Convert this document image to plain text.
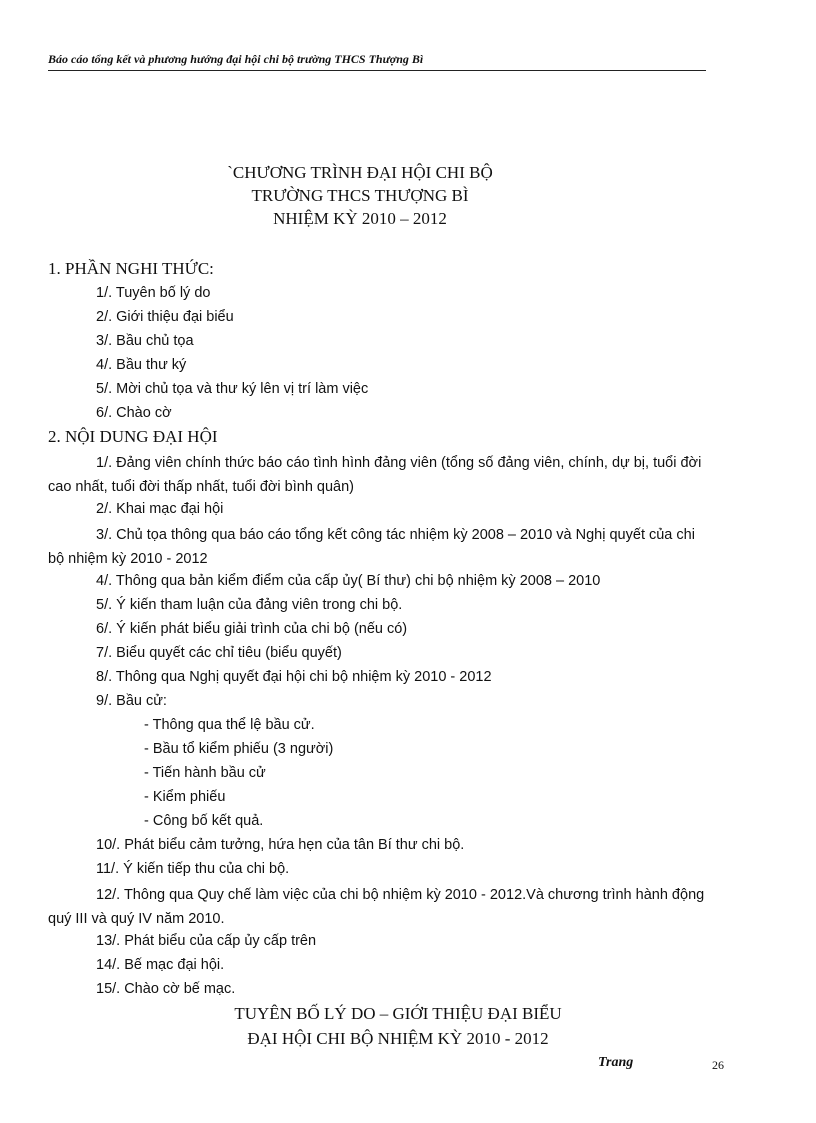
Báo cáo tổng kết và phương hướng đại hội chi bộ trường THCS Thượng Bì
`CHƯƠNG TRÌNH ĐẠI HỘI CHI BỘ
TRƯỜNG THCS THƯỢNG BÌ
NHIỆM KỲ 2010 – 2012
1. PHẦN NGHI THỨC:
1/. Tuyên bố lý do
2/. Giới thiệu đại biểu
3/. Bầu chủ tọa
4/. Bầu thư ký
5/. Mời chủ tọa và thư ký lên vị trí làm việc
6/. Chào cờ
2. NỘI DUNG ĐẠI HỘI
1/. Đảng viên chính thức báo cáo tình hình đảng viên (tổng số đảng viên, chính, dự bị, tuổi đời cao nhất, tuổi đời thấp nhất, tuổi đời bình quân)
2/. Khai mạc đại hội
3/. Chủ tọa thông qua báo cáo tổng kết công tác nhiệm kỳ 2008 – 2010 và Nghị quyết của chi bộ nhiệm kỳ 2010 - 2012
4/. Thông qua bản kiểm điểm của cấp ủy( Bí thư) chi bộ nhiệm kỳ 2008 – 2010
5/. Ý kiến tham luận của đảng viên trong chi bộ.
6/. Ý kiến phát biểu giải trình của chi bộ (nếu có)
7/. Biểu quyết các chỉ tiêu (biểu quyết)
8/. Thông qua Nghị quyết đại hội chi bộ nhiệm kỳ 2010 - 2012
9/. Bầu cử:
- Thông qua thể lệ bầu cử.
- Bầu tổ kiểm phiếu (3 người)
- Tiến hành bầu cử
- Kiểm phiếu
- Công bố kết quả.
10/. Phát biểu cảm tưởng, hứa hẹn của tân Bí thư chi bộ.
11/. Ý kiến tiếp thu của chi bộ.
12/. Thông qua Quy chế làm việc của chi bộ nhiệm kỳ 2010 - 2012.Và chương trình hành động quý III và quý IV năm 2010.
13/. Phát biểu của cấp ủy cấp trên
14/. Bế mạc đại hội.
15/. Chào cờ bế mạc.
TUYÊN BỐ LÝ DO – GIỚI THIỆU ĐẠI BIỂU
ĐẠI HỘI CHI BỘ NHIỆM KỲ 2010 - 2012
Trang	26
